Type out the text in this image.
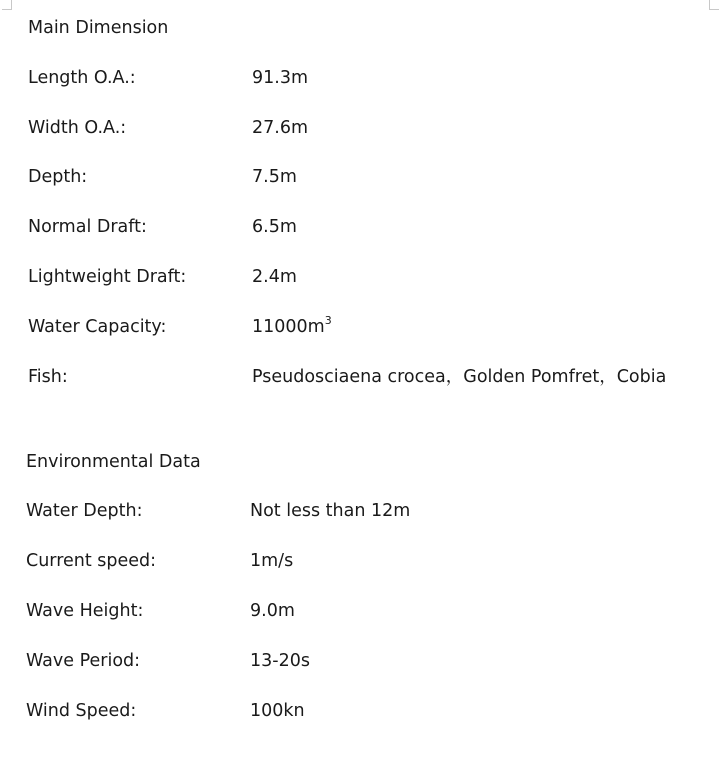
Main Dimension
Length O.A.:	91.3m
Width O.A.:	27.6m
Depth:	7.5m
Normal Draft:	6.5m
Lightweight Draft:	2.4m
Water Capacity:	$11000m^3$
Fish:	Pseudosciaena crocea，Golden Pomfret，Cobia
Environmental Data
Water Depth:	Not less than 12m
Current speed:	1m/s
Wave Height:	9.0m
Wave Period:	13-20s
Wind Speed:	100kn
